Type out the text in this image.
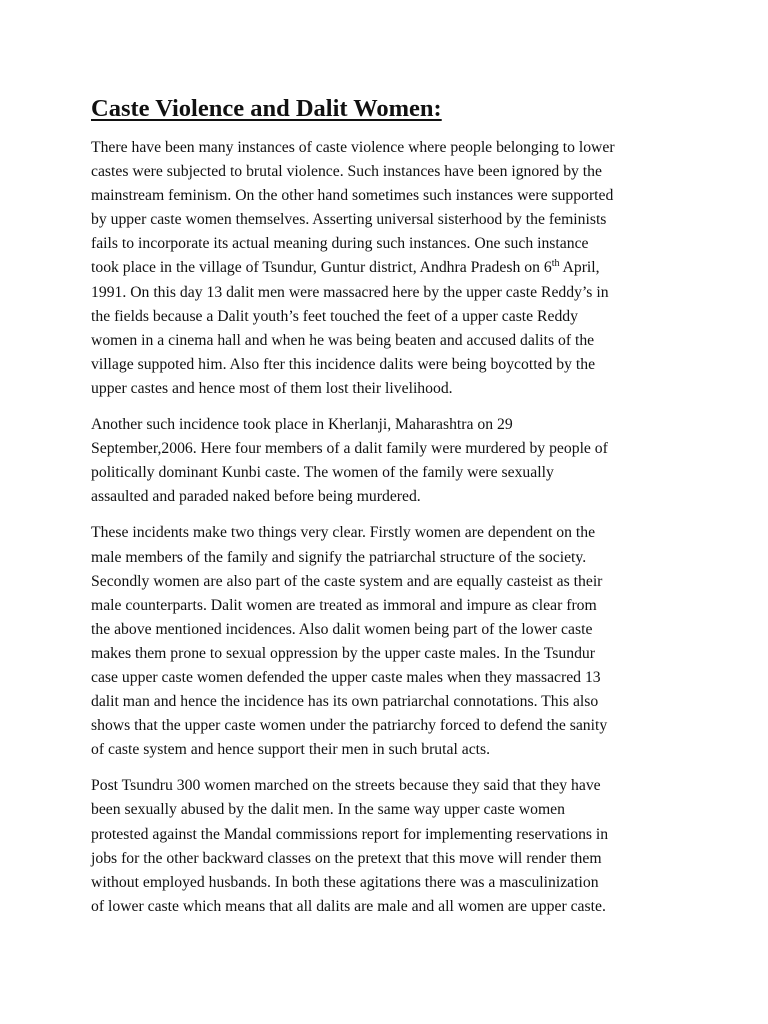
Caste Violence and Dalit Women:

There have been many instances of caste violence where people belonging to lower
castes were subjected to brutal violence. Such instances have been ignored by the
mainstream feminism. On the other hand sometimes such instances were supported
by upper caste women themselves. Asserting universal sisterhood by the feminists
fails to incorporate its actual meaning during such instances. One such instance
took place in the village of Tsundur, Guntur district, Andhra Pradesh on 6th April,
1991. On this day 13 dalit men were massacred here by the upper caste Reddy’s in
the fields because a Dalit youth’s feet touched the feet of a upper caste Reddy
women in a cinema hall and when he was being beaten and accused dalits of the
village suppoted him. Also fter this incidence dalits were being boycotted by the
upper castes and hence most of them lost their livelihood.

Another such incidence took place in Kherlanji, Maharashtra on 29
September,2006. Here four members of a dalit family were murdered by people of
politically dominant Kunbi caste. The women of the family were sexually
assaulted and paraded naked before being murdered.

These incidents make two things very clear. Firstly women are dependent on the
male members of the family and signify the patriarchal structure of the society.
Secondly women are also part of the caste system and are equally casteist as their
male counterparts. Dalit women are treated as immoral and impure as clear from
the above mentioned incidences. Also dalit women being part of the lower caste
makes them prone to sexual oppression by the upper caste males. In the Tsundur
case upper caste women defended the upper caste males when they massacred 13
dalit man and hence the incidence has its own patriarchal connotations. This also
shows that the upper caste women under the patriarchy forced to defend the sanity
of caste system and hence support their men in such brutal acts.

Post Tsundru 300 women marched on the streets because they said that they have
been sexually abused by the dalit men. In the same way upper caste women
protested against the Mandal commissions report for implementing reservations in
jobs for the other backward classes on the pretext that this move will render them
without employed husbands. In both these agitations there was a masculinization
of lower caste which means that all dalits are male and all women are upper caste.
